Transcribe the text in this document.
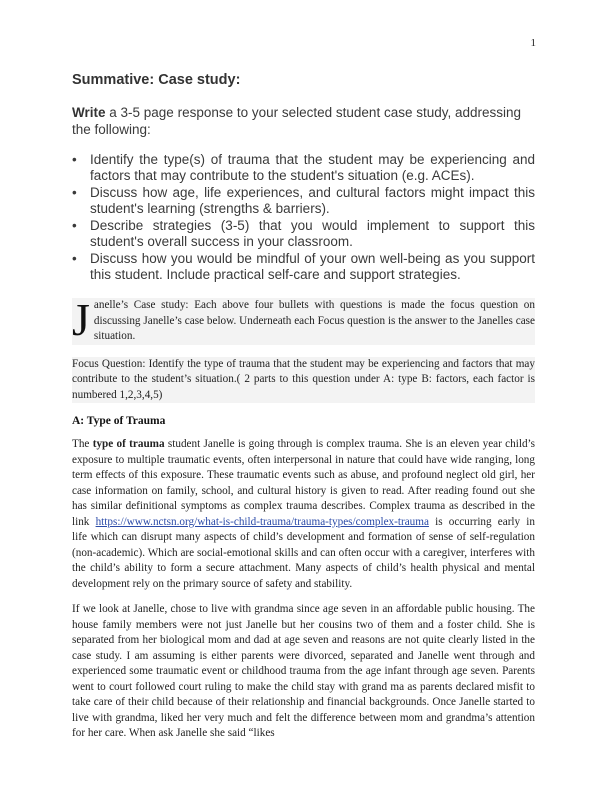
1

Summative: Case study:

Write a 3-5 page response to your selected student case study, addressing the following:

• Identify the type(s) of trauma that the student may be experiencing and factors that may contribute to the student's situation (e.g. ACEs).
• Discuss how age, life experiences, and cultural factors might impact this student's learning (strengths & barriers).
• Describe strategies (3-5) that you would implement to support this student's overall success in your classroom.
• Discuss how you would be mindful of your own well-being as you support this student. Include practical self-care and support strategies.
J anelle’s Case study: Each above four bullets with questions is made the focus question on discussing Janelle’s case below. Underneath each Focus question is the answer to the Janelles case situation.
Focus Question: Identify the type of trauma that the student may be experiencing and factors that may contribute to the student’s situation.( 2 parts to this question under A: type B: factors, each factor is numbered 1,2,3,4,5)
A: Type of Trauma
The type of trauma student Janelle is going through is complex trauma. She is an eleven year child’s exposure to multiple traumatic events, often interpersonal in nature that could have wide ranging, long term effects of this exposure. These traumatic events such as abuse, and profound neglect old girl, her case information on family, school, and cultural history is given to read. After reading found out she has similar definitional symptoms as complex trauma describes. Complex trauma as described in the link https://www.nctsn.org/what-is-child-trauma/trauma-types/complex-trauma is occurring early in life which can disrupt many aspects of child’s development and formation of sense of self-regulation (non-academic). Which are social-emotional skills and can often occur with a caregiver, interferes with the child’s ability to form a secure attachment. Many aspects of child’s health physical and mental development rely on the primary source of safety and stability.
If we look at Janelle, chose to live with grandma since age seven in an affordable public housing. The house family members were not just Janelle but her cousins two of them and a foster child. She is separated from her biological mom and dad at age seven and reasons are not quite clearly listed in the case study. I am assuming is either parents were divorced, separated and Janelle went through and experienced some traumatic event or childhood trauma from the age infant through age seven. Parents went to court followed court ruling to make the child stay with grand ma as parents declared misfit to take care of their child because of their relationship and financial backgrounds. Once Janelle started to live with grandma, liked her very much and felt the difference between mom and grandma’s attention for her care. When ask Janelle she said “likes
